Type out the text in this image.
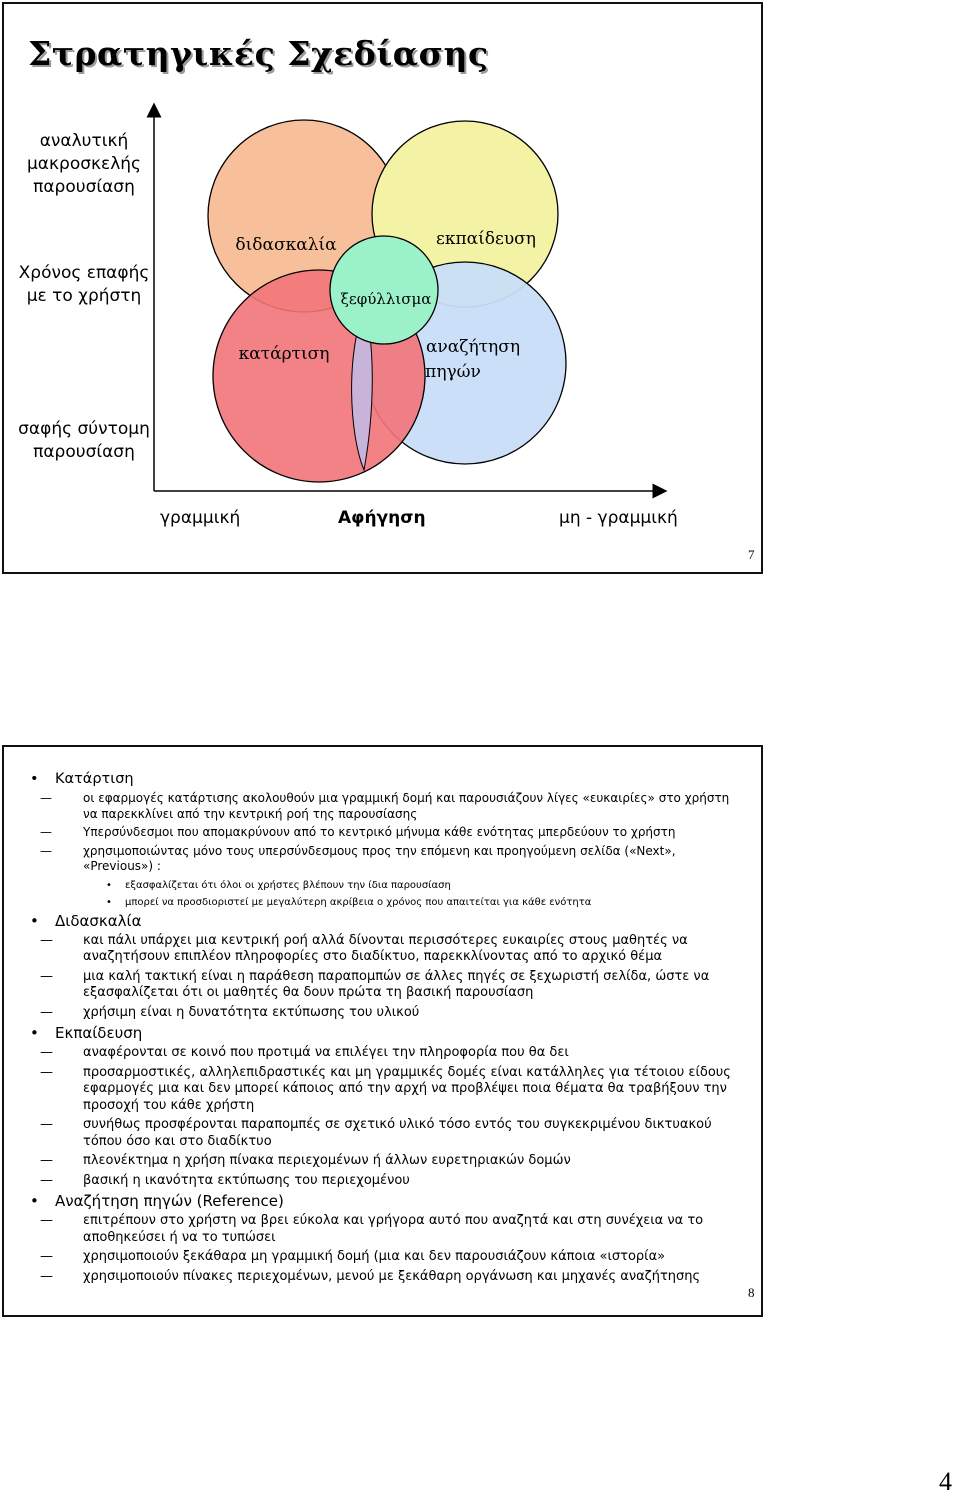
Στρατηγικές Σχεδίασης
διδασκαλία	εκπαίδευση
ξεφύλλισμα
κατάρτιση	αναζήτηση
πηγών
αναλυτική μακροσκελής παρουσίαση
Χρόνος επαφής με το χρήστη
σαφής σύντομη παρουσίαση
γραμμική	Αφήγηση	μη - γραμμική
7
• Κατάρτιση
—	οι εφαρμογές κατάρτισης ακολουθούν μια γραμμική δομή και παρουσιάζουν λίγες «ευκαιρίες» στο χρήστη να παρεκκλίνει από την κεντρική ροή της παρουσίασης
—	Υπερσύνδεσμοι που απομακρύνουν από το κεντρικό μήνυμα κάθε ενότητας μπερδεύουν το χρήστη
—	χρησιμοποιώντας μόνο τους υπερσύνδεσμους προς την επόμενη και προηγούμενη σελίδα («Next», «Previous») :
• εξασφαλίζεται ότι όλοι οι χρήστες βλέπουν την ίδια παρουσίαση
• μπορεί να προσδιοριστεί με μεγαλύτερη ακρίβεια ο χρόνος που απαιτείται για κάθε ενότητα
• Διδασκαλία
— και πάλι υπάρχει μια κεντρική ροή αλλά δίνονται περισσότερες ευκαιρίες στους μαθητές να αναζητήσουν επιπλέον πληροφορίες στο διαδίκτυο, παρεκκλίνοντας από το αρχικό θέμα
— μια καλή τακτική είναι η παράθεση παραπομπών σε άλλες πηγές σε ξεχωριστή σελίδα, ώστε να εξασφαλίζεται ότι οι μαθητές θα δουν πρώτα τη βασική παρουσίαση
— χρήσιμη είναι η δυνατότητα εκτύπωσης του υλικού
• Εκπαίδευση
— αναφέρονται σε κοινό που προτιμά να επιλέγει την πληροφορία που θα δει
— προσαρμοστικές, αλληλεπιδραστικές και μη γραμμικές δομές είναι κατάλληλες για τέτοιου είδους εφαρμογές μια και δεν μπορεί κάποιος από την αρχή να προβλέψει ποια θέματα θα τραβήξουν την προσοχή του κάθε χρήστη
— συνήθως προσφέρονται παραπομπές σε σχετικό υλικό τόσο εντός του συγκεκριμένου δικτυακού τόπου όσο και στο διαδίκτυο
— πλεονέκτημα η χρήση πίνακα περιεχομένων ή άλλων ευρετηριακών δομών
— βασική η ικανότητα εκτύπωσης του περιεχομένου
• Αναζήτηση πηγών (Reference)
— επιτρέπουν στο χρήστη να βρει εύκολα και γρήγορα αυτό που αναζητά και στη συνέχεια να το αποθηκεύσει ή να το τυπώσει
— χρησιμοποιούν ξεκάθαρα μη γραμμική δομή (μια και δεν παρουσιάζουν κάποια «ιστορία»
— χρησιμοποιούν πίνακες περιεχομένων, μενού με ξεκάθαρη οργάνωση και μηχανές αναζήτησης
8
4
